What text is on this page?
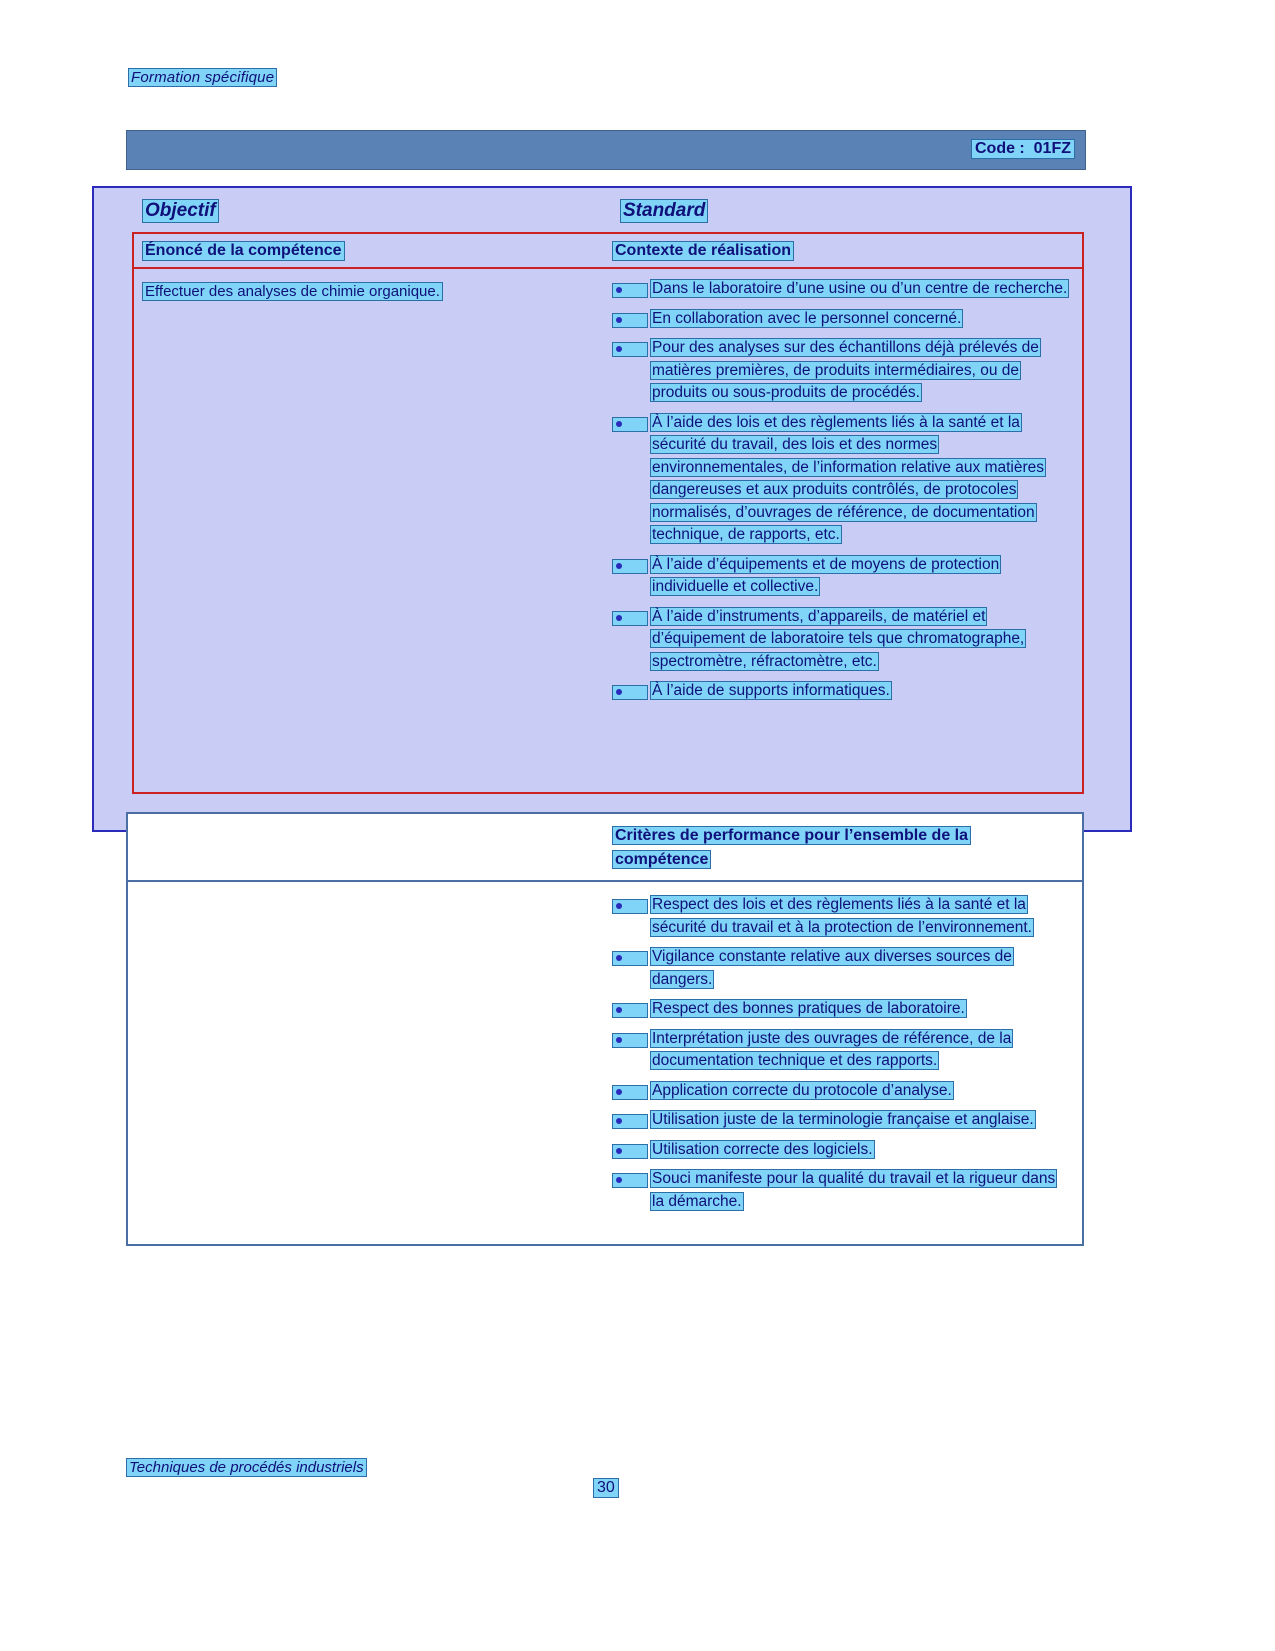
Formation spécifique
Code :  01FZ
Objectif	Standard
Énoncé de la compétence	Contexte de réalisation
Effectuer des analyses de chimie organique.	Dans le laboratoire d’une usine ou d’un centre de recherche.
En collaboration avec le personnel concerné.
Pour des analyses sur des échantillons déjà prélevés de matières premières, de produits intermédiaires, ou de produits ou sous-produits de procédés.
À l’aide des lois et des règlements liés à la santé et la sécurité du travail, des lois et des normes environnementales, de l’information relative aux matières dangereuses et aux produits contrôlés, de protocoles normalisés, d’ouvrages de référence, de documentation technique, de rapports, etc.
À l’aide d’équipements et de moyens de protection individuelle et collective.
À l’aide d’instruments, d’appareils, de matériel et d’équipement de laboratoire tels que chromatographe, spectromètre, réfractomètre, etc.
À l’aide de supports informatiques.
Critères de performance pour l’ensemble de la compétence
Respect des lois et des règlements liés à la santé et la sécurité du travail et à la protection de l’environnement.
Vigilance constante relative aux diverses sources de dangers.
Respect des bonnes pratiques de laboratoire.
Interprétation juste des ouvrages de référence, de la documentation technique et des rapports.
Application correcte du protocole d’analyse.
Utilisation juste de la terminologie française et anglaise.
Utilisation correcte des logiciels.
Souci manifeste pour la qualité du travail et la rigueur dans la démarche.
Techniques de procédés industriels
30
